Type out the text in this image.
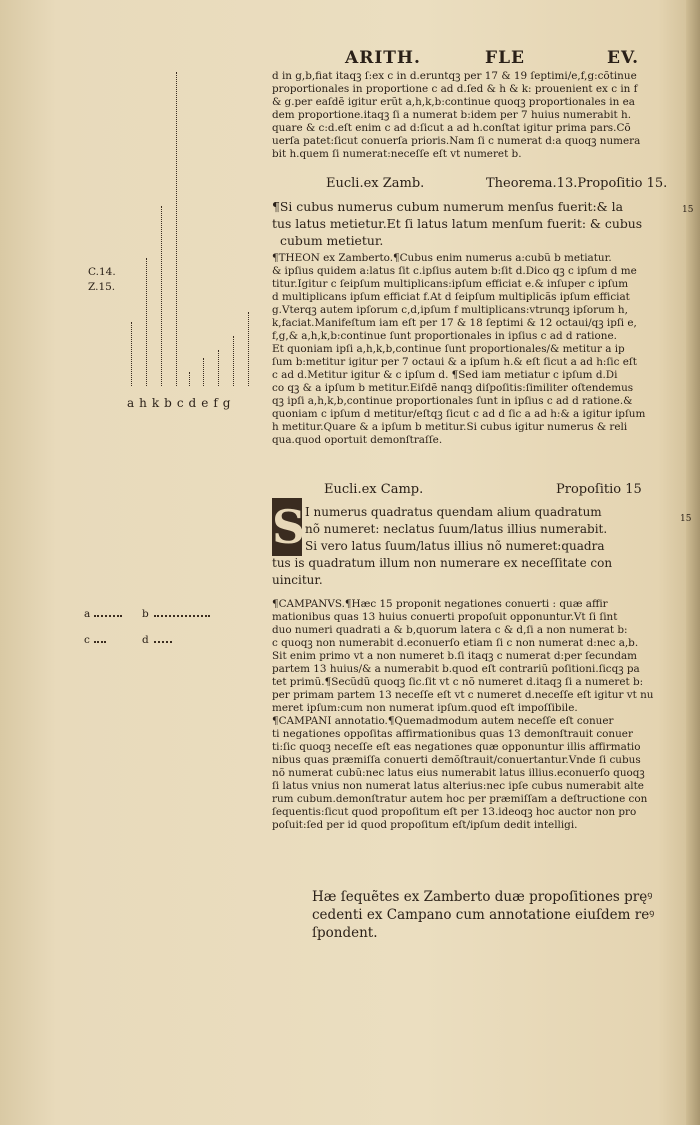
ARITH.	FLE	EV.
d in g,b,fiat itaqꝫ ſ:ex c in d.eruntqꝫ per 17 & 19 ſeptimi/e,f,g:cõtinue
proportionales in proportione c ad d.ſed & h & k: prouenient ex c in f
& g.per eaſdẽ igitur erũt a,h,k,b:continue quoqꝫ proportionales in ea
dem proportione.itaqꝫ ſi a numerat b:idem per 7 huius numerabit h.
quare & c:d.eſt enim c ad d:ſicut a ad h.conſtat igitur prima pars.Cõ
uerſa patet:ſicut conuerſa prioris.Nam ſi c numerat d:a quoqꝫ numera
bit h.quem ſi numerat:neceſſe eſt vt numeret b.
Eucli.ex Zamb.	Theorema.13.Propoſitio 15.
¶Si cubus numerus cubum numerum menſus fuerit:& la
tus latus metietur.Et ſi latus latum menſum fuerit: & cubus
cubum metietur.
¶THEON ex Zamberto.¶Cubus enim numerus a:cubũ b metiatur.
& ipſius quidem a:latus ſit c.ipſius autem b:ſit d.Dico qꝫ c ipſum d me
titur.Igitur c ſeipſum multiplicans:ipſum efficiat e.& inſuper c ipſum
d multiplicans ipſum efficiat f.At d ſeipſum multiplicãs ipſum efficiat
g.Vterqꝫ autem ipſorum c,d,ipſum f multiplicans:vtrunqꝫ ipſorum h,
k,faciat.Manifeſtum iam eſt per 17 & 18 ſeptimi & 12 octaui/qꝫ ipſi e,
f,g,& a,h,k,b:continue ſunt proportionales in ipſius c ad d ratione.
Et quoniam ipſi a,h,k,b,continue ſunt proportionales/& metitur a ip
ſum b:metitur igitur per 7 octaui & a ipſum h.& eſt ſicut a ad h:ſic eſt
c ad d.Metitur igitur & c ipſum d. ¶Sed iam metiatur c ipſum d.Di
co qꝫ & a ipſum b metitur.Eiſdẽ nanqꝫ diſpoſitis:ſimiliter oſtendemus
qꝫ ipſi a,h,k,b,continue proportionales ſunt in ipſius c ad d ratione.&
quoniam c ipſum d metitur/eſtqꝫ ſicut c ad d ſic a ad h:& a igitur ipſum
h metitur.Quare & a ipſum b metitur.Si cubus igitur numerus & reli
qua.quod oportuit demonſtraſſe.
Eucli.ex Camp.	Propoſitio 15
S I numerus quadratus quendam alium quadratum
nõ numeret: neclatus ſuum/latus illius numerabit.
Si vero latus ſuum/latus illius nõ numeret:quadra
tus is quadratum illum non numerare ex neceſſitate con
uincitur.
¶CAMPANVS.¶Hæc 15 proponit negationes conuerti : quæ affir
mationibus quas 13 huius conuerti propoſuit opponuntur.Vt ſi ſint
duo numeri quadrati a & b,quorum latera c & d,ſi a non numerat b:
c quoqꝫ non numerabit d.econuerſo etiam ſi c non numerat d:nec a,b.
Sit enim primo vt a non numeret b.ſi itaqꝫ c numerat d:per ſecundam
partem 13 huius/& a numerabit b.quod eſt contrariũ poſitioni.ſicqꝫ pa
tet primũ.¶Secũdũ quoqꝫ ſic.ſit vt c nõ numeret d.itaqꝫ ſi a numeret b:
per primam partem 13 neceſſe eſt vt c numeret d.neceſſe eſt igitur vt nu
meret ipſum:cum non numerat ipſum.quod eſt impoſſibile.
¶CAMPANI annotatio.¶Quemadmodum autem neceſſe eſt conuer
ti negationes oppoſitas affirmationibus quas 13 demonſtrauit conuer
ti:ſic quoqꝫ neceſſe eſt eas negationes quæ opponuntur illis affirmatio
nibus quas præmiſſa conuerti demõſtrauit/conuertantur.Vnde ſi cubus
nõ numerat cubũ:nec latus eius numerabit latus illius.econuerſo quoqꝫ
ſi latus vnius non numerat latus alterius:nec ipſe cubus numerabit alte
rum cubum.demonſtratur autem hoc per præmiſſam a deſtructione con
ſequentis:ſicut quod propoſitum eſt per 13.ideoqꝫ hoc auctor non pro
poſuit:ſed per id quod propoſitum eſt/ipſum dedit intelligi.
Hæ ſequẽtes ex Zamberto duæ propoſitiones pręꝰ
cedenti ex Campano cum annotatione eiuſdem reꝰ
ſpondent.
C.14.
Z.15.
15
15
ahkbcdefg
a	b
c	d
